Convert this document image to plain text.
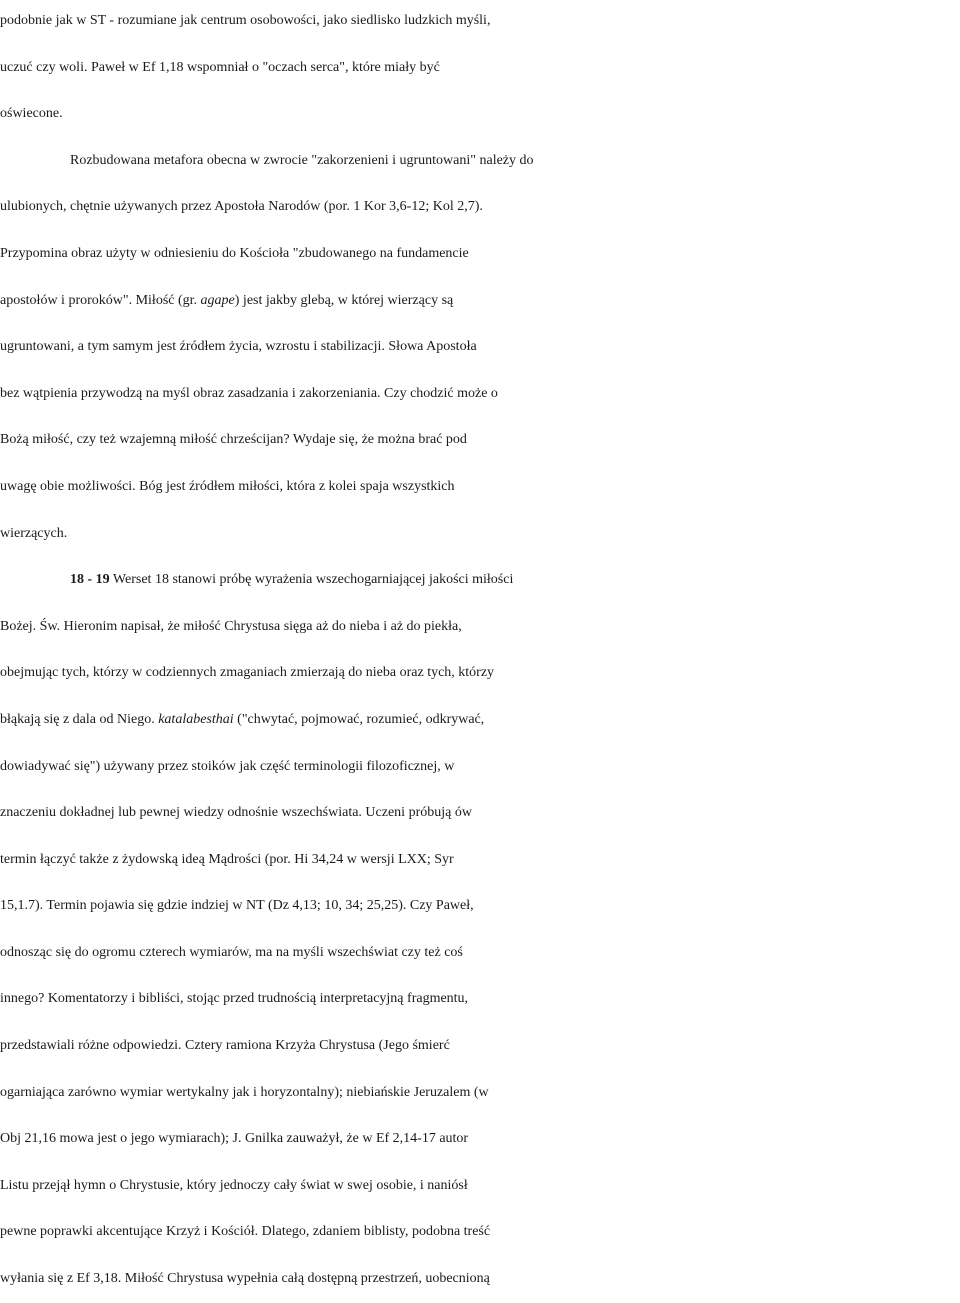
podobnie jak w ST - rozumiane jak centrum osobowości, jako siedlisko ludzkich myśli,
uczuć czy woli. Paweł w Ef 1,18 wspomniał o "oczach serca", które miały być
oświecone.
Rozbudowana metafora obecna w zwrocie "zakorzenieni i ugruntowani" należy do
ulubionych, chętnie używanych przez Apostoła Narodów (por. 1 Kor 3,6-12; Kol 2,7).
Przypomina obraz użyty w odniesieniu do Kościoła "zbudowanego na fundamencie
apostołów i proroków". Miłość (gr. agape) jest jakby glebą, w której wierzący są
ugruntowani, a tym samym jest źródłem życia, wzrostu i stabilizacji. Słowa Apostoła
bez wątpienia przywodzą na myśl obraz zasadzania i zakorzeniania. Czy chodzić może o
Bożą miłość, czy też wzajemną miłość chrześcijan? Wydaje się, że można brać pod
uwagę obie możliwości. Bóg jest źródłem miłości, która z kolei spaja wszystkich
wierzących.
18 - 19 Werset 18 stanowi próbę wyrażenia wszechogarniającej jakości miłości
Bożej. Św. Hieronim napisał, że miłość Chrystusa sięga aż do nieba i aż do piekła,
obejmując tych, którzy w codziennych zmaganiach zmierzają do nieba oraz tych, którzy
błąkają się z dala od Niego. katalabesthai ("chwytać, pojmować, rozumieć, odkrywać,
dowiadywać się") używany przez stoików jak część terminologii filozoficznej, w
znaczeniu dokładnej lub pewnej wiedzy odnośnie wszechświata. Uczeni próbują ów
termin łączyć także z żydowską ideą Mądrości (por. Hi 34,24 w wersji LXX; Syr
15,1.7). Termin pojawia się gdzie indziej w NT (Dz 4,13; 10, 34; 25,25). Czy Paweł,
odnosząc się do ogromu czterech wymiarów, ma na myśli wszechświat czy też coś
innego? Komentatorzy i bibliści, stojąc przed trudnością interpretacyjną fragmentu,
przedstawiali różne odpowiedzi. Cztery ramiona Krzyża Chrystusa (Jego śmierć
ogarniająca zarówno wymiar wertykalny jak i horyzontalny); niebiańskie Jeruzalem (w
Obj 21,16 mowa jest o jego wymiarach); J. Gnilka zauważył, że w Ef 2,14-17 autor
Listu przejął hymn o Chrystusie, który jednoczy cały świat w swej osobie, i naniósł
pewne poprawki akcentujące Krzyż i Kościół. Dlatego, zdaniem biblisty, podobna treść
wyłania się z Ef 3,18. Miłość Chrystusa wypełnia całą dostępną przestrzeń, uobecnioną
